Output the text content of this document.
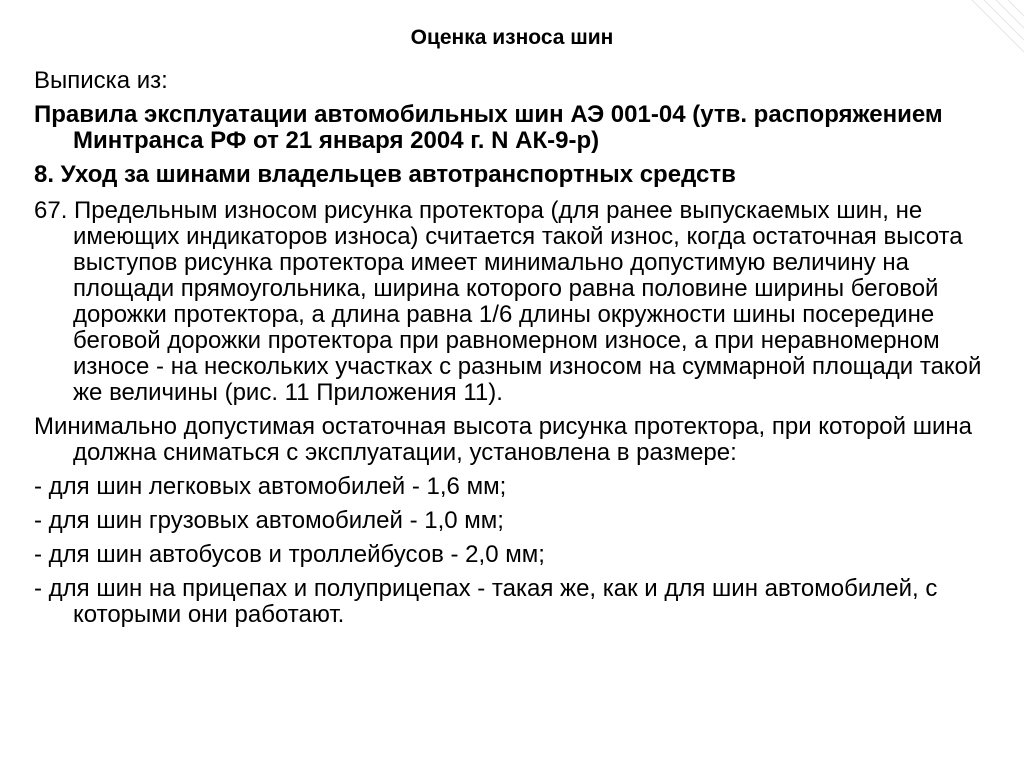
Оценка износа шин

Выписка из:

Правила эксплуатации автомобильных шин АЭ 001-04 (утв. распоряжением Минтранса РФ от 21 января 2004 г. N АК-9-р)

8. Уход за шинами владельцев автотранспортных средств

67. Предельным износом рисунка протектора (для ранее выпускаемых шин, не имеющих индикаторов износа) считается такой износ, когда остаточная высота выступов рисунка протектора имеет минимально допустимую величину на площади прямоугольника, ширина которого равна половине ширины беговой дорожки протектора, а длина равна 1/6 длины окружности шины посередине беговой дорожки протектора при равномерном износе, а при неравномерном износе - на нескольких участках с разным износом на суммарной площади такой же величины (рис. 11 Приложения 11).

Минимально допустимая остаточная высота рисунка протектора, при которой шина должна сниматься с эксплуатации, установлена в размере:

- для шин легковых автомобилей - 1,6 мм;

- для шин грузовых автомобилей - 1,0 мм;

- для шин автобусов и троллейбусов - 2,0 мм;

- для шин на прицепах и полуприцепах - такая же, как и для шин автомобилей, с которыми они работают.
